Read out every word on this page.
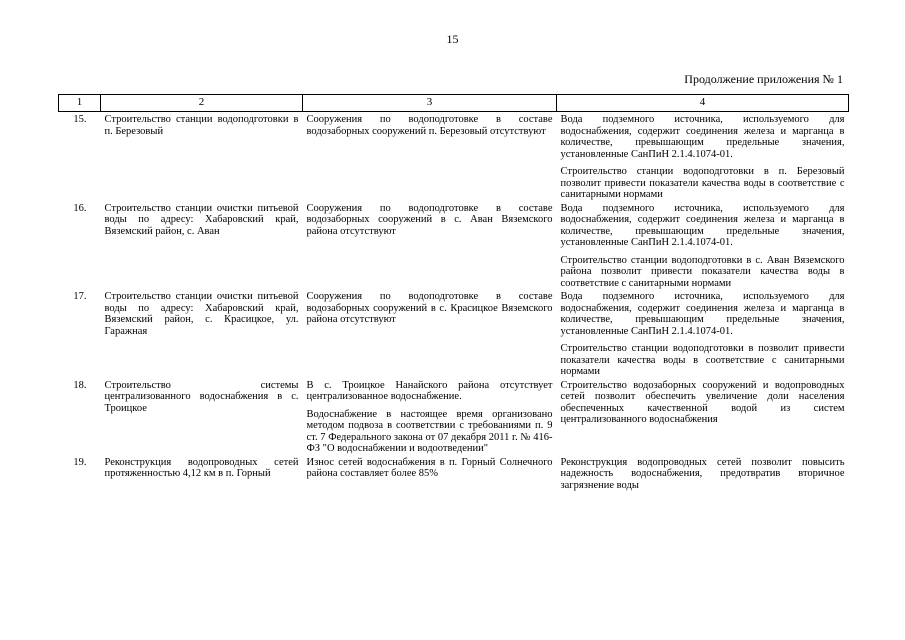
15
Продолжение приложения № 1
1	2	3	4
15.	Строительство станции водоподготовки в п. Березовый	Сооружения по водоподготовке в составе водозаборных сооружений п. Березовый отсутствуют	Вода подземного источника, используемого для водоснабжения, содержит соединения железа и марганца в количестве, превышающим предельные значения, установленные СанПиН 2.1.4.1074-01.
Строительство станции водоподготовки в п. Березовый позволит привести показатели качества воды в соответствие с санитарными нормами

16.	Строительство станции очистки питьевой воды по адресу: Хабаровский край, Вяземский район, с. Аван	Сооружения по водоподготовке в составе водозаборных сооружений в с. Аван Вяземского района отсутствуют	Вода подземного источника, используемого для водоснабжения, содержит соединения железа и марганца в количестве, превышающим предельные значения, установленные СанПиН 2.1.4.1074-01.
Строительство станции водоподготовки в с. Аван Вяземского района позволит привести показатели качества воды в соответствие с санитарными нормами

17.	Строительство станции очистки питьевой воды по адресу: Хабаровский край, Вяземский район, с. Красицкое, ул. Гаражная	Сооружения по водоподготовке в составе водозаборных сооружений в с. Красицкое Вяземского района отсутствуют	Вода подземного источника, используемого для водоснабжения, содержит соединения железа и марганца в количестве, превышающим предельные значения, установленные СанПиН 2.1.4.1074-01.
Строительство станции водоподготовки в позволит привести показатели качества воды в соответствие с санитарными нормами

18.	Строительство системы централизованного водоснабжения в с. Троицкое	В с. Троицкое Нанайского района отсутствует централизованное водоснабжение.
Водоснабжение в настоящее время организовано методом подвоза в соответствии с требованиями п. 9 ст. 7 Федерального закона от 07 декабря 2011 г. № 416-ФЗ "О водоснабжении и водоотведении"	Строительство водозаборных сооружений и водопроводных сетей позволит обеспечить увеличение доли населения обеспеченных качественной водой из систем централизованного водоснабжения

19.	Реконструкция водопроводных сетей протяженностью 4,12 км в п. Горный	Износ сетей водоснабжения в п. Горный Солнечного района составляет более 85%	Реконструкция водопроводных сетей позволит повысить надежность водоснабжения, предотвратив вторичное загрязнение воды
